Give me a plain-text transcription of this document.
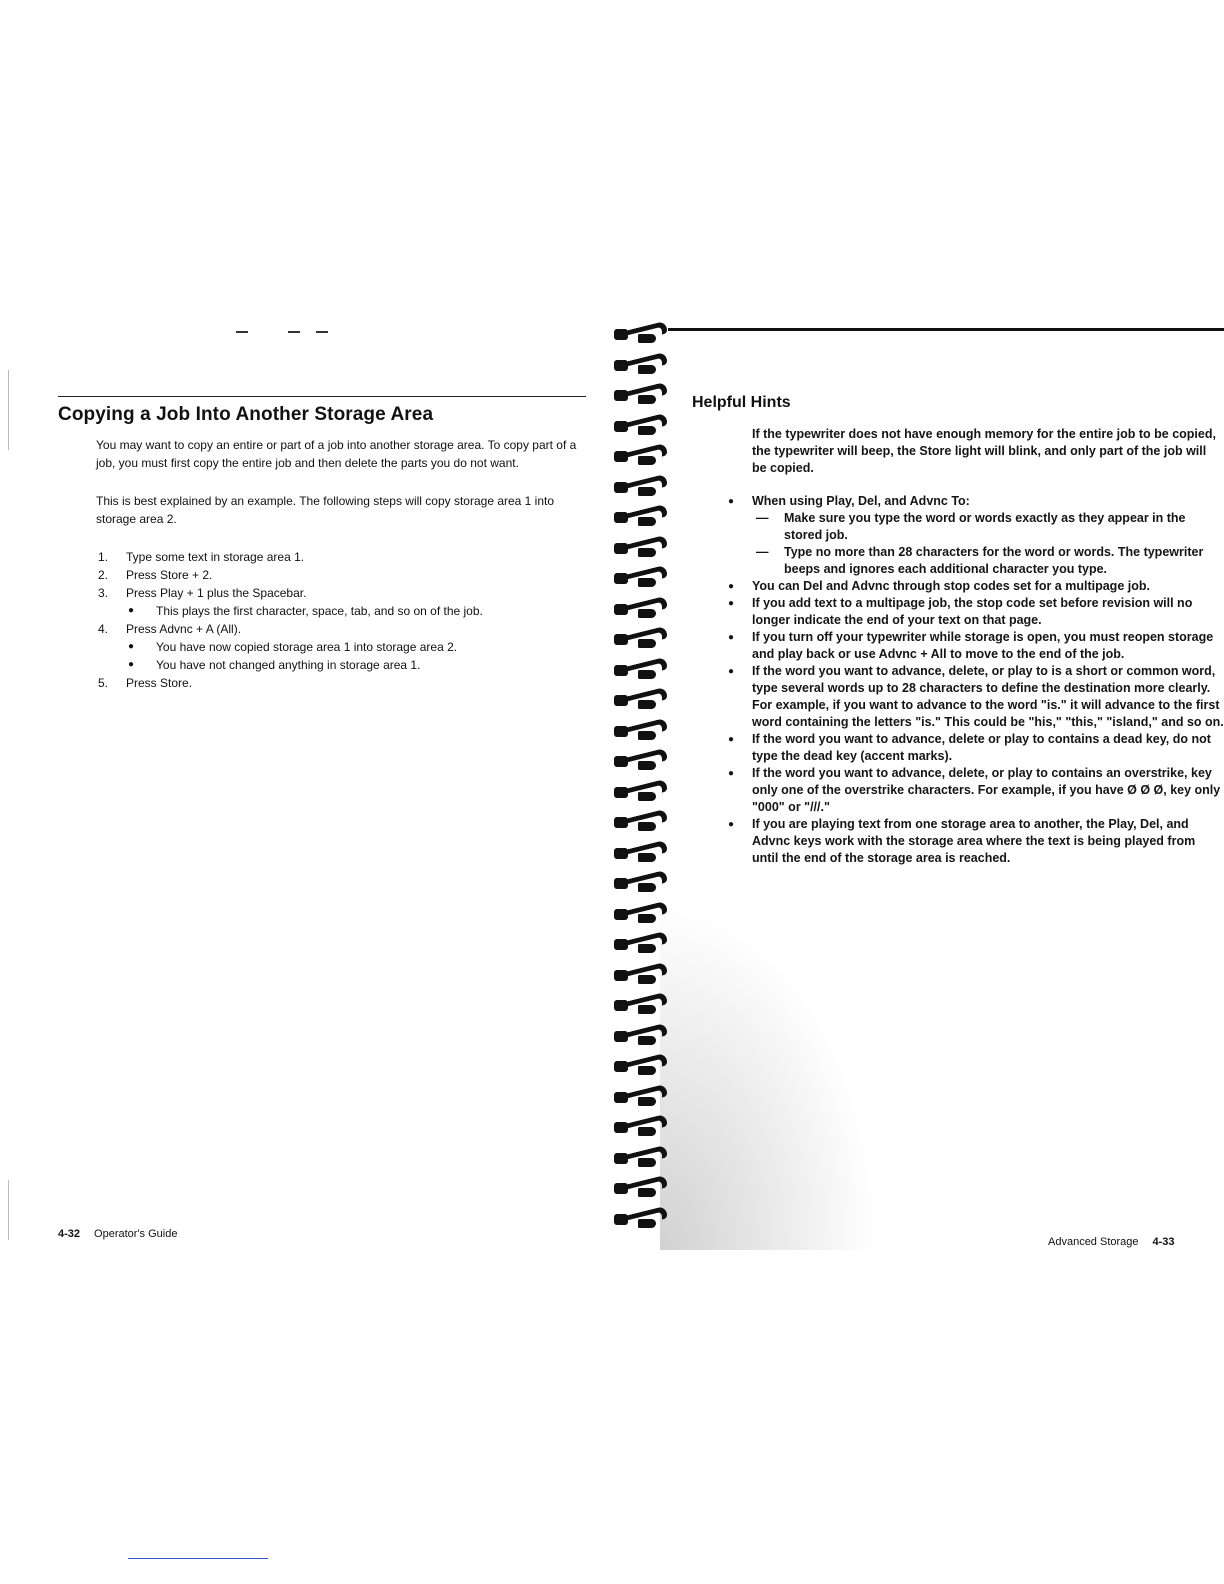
Copying a Job Into Another Storage Area

You may want to copy an entire or part of a job into another storage area. To copy part of a job, you must first copy the entire job and then delete the parts you do not want.

This is best explained by an example. The following steps will copy storage area 1 into storage area 2.

1. Type some text in storage area 1.
2. Press Store + 2.
3. Press Play + 1 plus the Spacebar.
● This plays the first character, space, tab, and so on of the job.
4. Press Advnc + A (All).
● You have now copied storage area 1 into storage area 2.
● You have not changed anything in storage area 1.
5. Press Store.
4-32 Operator's Guide
Helpful Hints

If the typewriter does not have enough memory for the entire job to be copied, the typewriter will beep, the Store light will blink, and only part of the job will be copied.

● When using Play, Del, and Advnc To:
— Make sure you type the word or words exactly as they appear in the stored job.
— Type no more than 28 characters for the word or words. The typewriter beeps and ignores each additional character you type.
● You can Del and Advnc through stop codes set for a multipage job.
● If you add text to a multipage job, the stop code set before revision will no longer indicate the end of your text on that page.
● If you turn off your typewriter while storage is open, you must reopen storage and play back or use Advnc + All to move to the end of the job.
● If the word you want to advance, delete, or play to is a short or common word, type several words up to 28 characters to define the destination more clearly. For example, if you want to advance to the word "is." it will advance to the first word containing the letters "is." This could be "his," "this," "island," and so on.
● If the word you want to advance, delete or play to contains a dead key, do not type the dead key (accent marks).
● If the word you want to advance, delete, or play to contains an overstrike, key only one of the overstrike characters. For example, if you have Ø Ø Ø, key only "000" or "///."
● If you are playing text from one storage area to another, the Play, Del, and Advnc keys work with the storage area where the text is being played from until the end of the storage area is reached.
Advanced Storage 4-33
